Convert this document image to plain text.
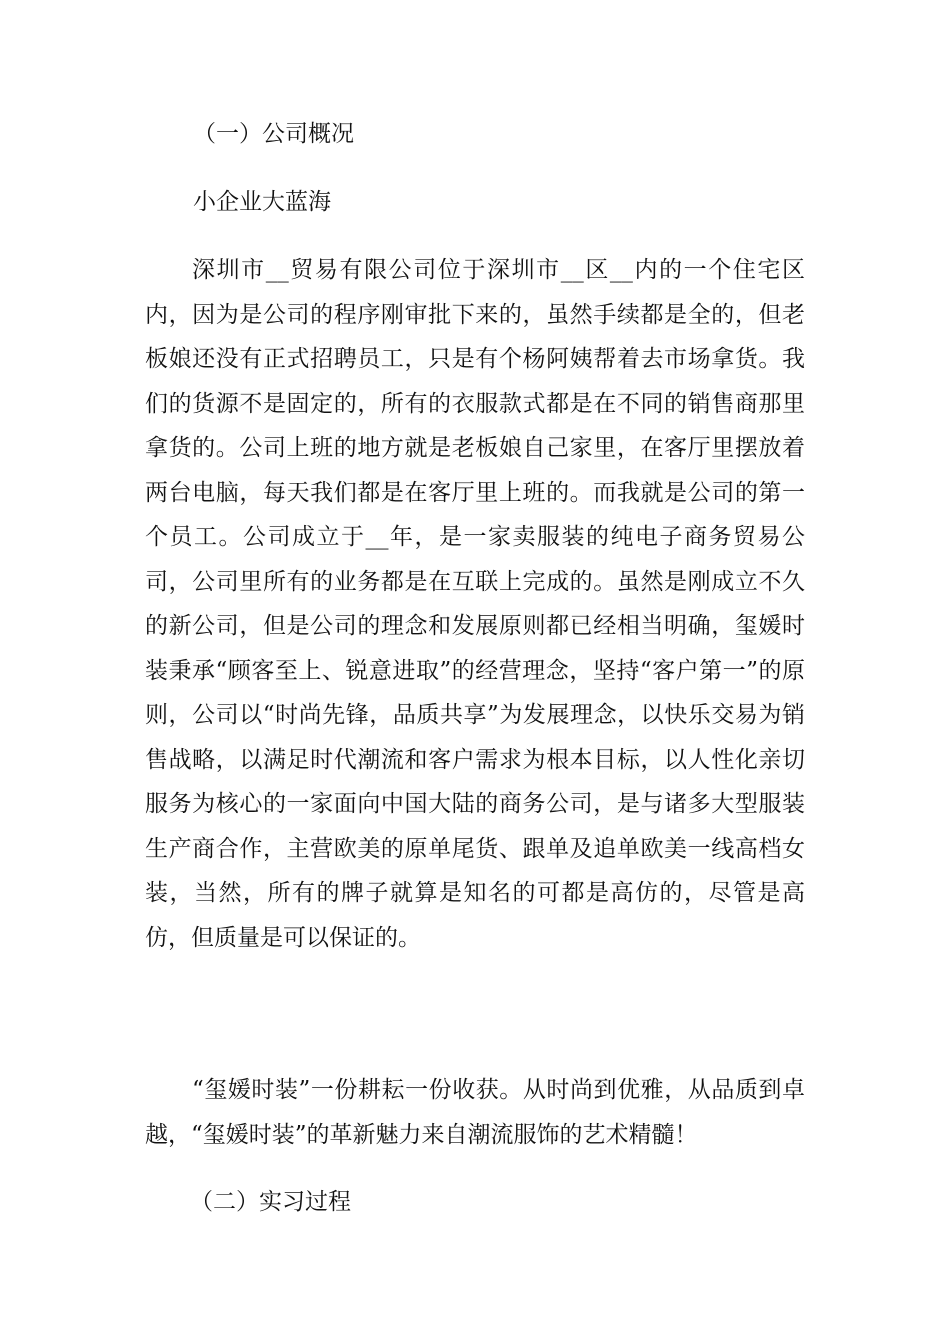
（一）公司概况
小企业大蓝海
深圳市__贸易有限公司位于深圳市__区__内的一个住宅区内，因为是公司的程序刚审批下来的，虽然手续都是全的，但老板娘还没有正式招聘员工，只是有个杨阿姨帮着去市场拿货。我们的货源不是固定的，所有的衣服款式都是在不同的销售商那里拿货的。公司上班的地方就是老板娘自己家里，在客厅里摆放着两台电脑，每天我们都是在客厅里上班的。而我就是公司的第一个员工。公司成立于__年，是一家卖服装的纯电子商务贸易公司，公司里所有的业务都是在互联上完成的。虽然是刚成立不久的新公司，但是公司的理念和发展原则都已经相当明确，玺媛时装秉承“顾客至上、锐意进取”的经营理念，坚持“客户第一”的原则，公司以“时尚先锋，品质共享”为发展理念，以快乐交易为销售战略，以满足时代潮流和客户需求为根本目标，以人性化亲切服务为核心的一家面向中国大陆的商务公司，是与诸多大型服装生产商合作，主营欧美的原单尾货、跟单及追单欧美一线高档女装，当然，所有的牌子就算是知名的可都是高仿的，尽管是高仿，但质量是可以保证的。
“玺媛时装”一份耕耘一份收获。从时尚到优雅，从品质到卓越，“玺媛时装”的革新魅力来自潮流服饰的艺术精髓！
（二）实习过程
